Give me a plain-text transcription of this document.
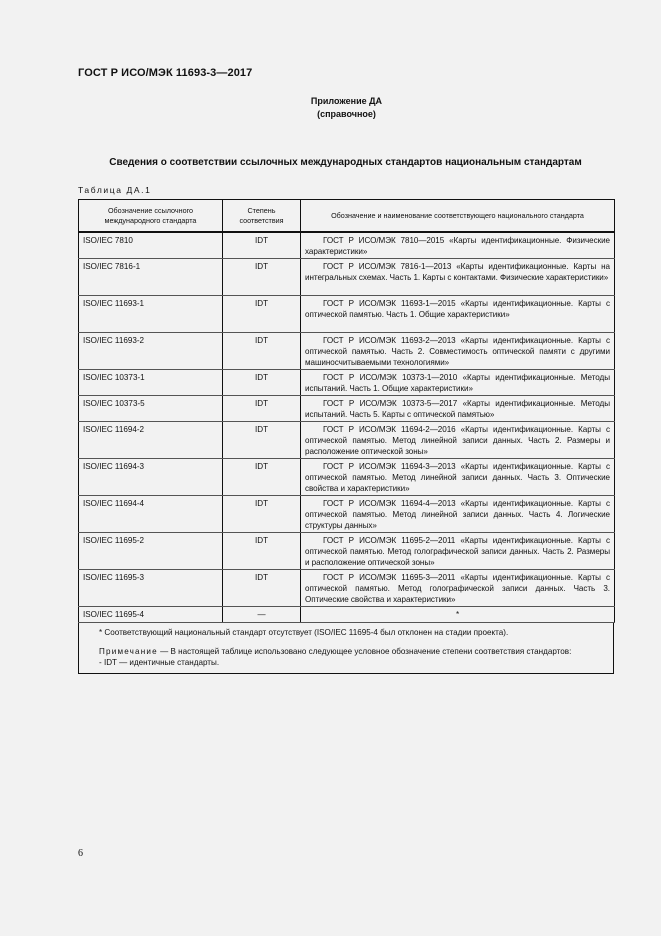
ГОСТ Р ИСО/МЭК 11693-3—2017
Приложение ДА
(справочное)
Сведения о соответствии ссылочных международных стандартов национальным стандартам
Таблица ДА.1
Обозначение ссылочного международного стандарта	Степень соответствия	Обозначение и наименование соответствующего национального стандарта
ISO/IEC 7810	IDT	ГОСТ Р ИСО/МЭК 7810—2015 «Карты идентификационные. Физические характеристики»
ISO/IEC 7816-1	IDT	ГОСТ Р ИСО/МЭК 7816-1—2013 «Карты идентификационные. Карты на интегральных схемах. Часть 1. Карты с контактами. Физические характеристики»
ISO/IEC 11693-1	IDT	ГОСТ Р ИСО/МЭК 11693-1—2015 «Карты идентификационные. Карты с оптической памятью. Часть 1. Общие характеристики»
ISO/IEC 11693-2	IDT	ГОСТ Р ИСО/МЭК 11693-2—2013 «Карты идентификационные. Карты с оптической памятью. Часть 2. Совместимость оптической памяти с другими машиносчитываемыми технологиями»
ISO/IEC 10373-1	IDT	ГОСТ Р ИСО/МЭК 10373-1—2010 «Карты идентификационные. Методы испытаний. Часть 1. Общие характеристики»
ISO/IEC 10373-5	IDT	ГОСТ Р ИСО/МЭК 10373-5—2017 «Карты идентификационные. Методы испытаний. Часть 5. Карты с оптической памятью»
ISO/IEC 11694-2	IDT	ГОСТ Р ИСО/МЭК 11694-2—2016 «Карты идентификационные. Карты с оптической памятью. Метод линейной записи данных. Часть 2. Размеры и расположение оптической зоны»
ISO/IEC 11694-3	IDT	ГОСТ Р ИСО/МЭК 11694-3—2013 «Карты идентификационные. Карты с оптической памятью. Метод линейной записи данных. Часть 3. Оптические свойства и характеристики»
ISO/IEC 11694-4	IDT	ГОСТ Р ИСО/МЭК 11694-4—2013 «Карты идентификационные. Карты с оптической памятью. Метод линейной записи данных. Часть 4. Логические структуры данных»
ISO/IEC 11695-2	IDT	ГОСТ Р ИСО/МЭК 11695-2—2011 «Карты идентификационные. Карты с оптической памятью. Метод голографической записи данных. Часть 2. Размеры и расположение оптической зоны»
ISO/IEC 11695-3	IDT	ГОСТ Р ИСО/МЭК 11695-3—2011 «Карты идентификационные. Карты с оптической памятью. Метод голографической записи данных. Часть 3. Оптические свойства и характеристики»
ISO/IEC 11695-4	—	*
* Соответствующий национальный стандарт отсутствует (ISO/IEC 11695-4 был отклонен на стадии проекта).
Примечание — В настоящей таблице использовано следующее условное обозначение степени соответствия стандартов:
- IDT — идентичные стандарты.
6
